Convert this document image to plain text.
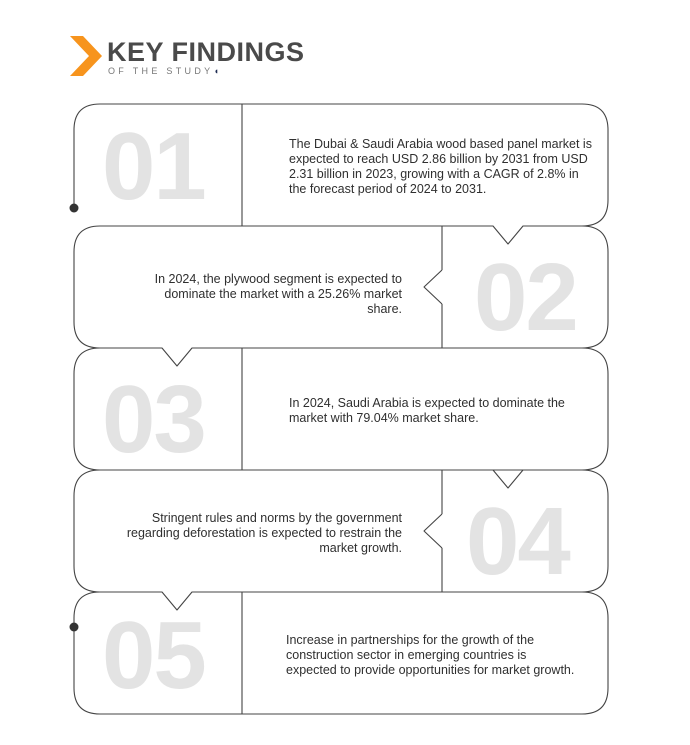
KEY FINDINGS
OF THE STUDY◖
01
02
03
04
05
The Dubai & Saudi Arabia wood based panel market is expected to reach USD 2.86 billion by 2031 from USD 2.31 billion in 2023, growing with a CAGR of 2.8% in the forecast period of 2024 to 2031.
In 2024, the plywood segment is expected to dominate the market with a 25.26% market share.
In 2024, Saudi Arabia is expected to dominate the market with 79.04% market share.
Stringent rules and norms by the government regarding deforestation is expected to restrain the market growth.
Increase in partnerships for the growth of the construction sector in emerging countries is expected to provide opportunities for market growth.
